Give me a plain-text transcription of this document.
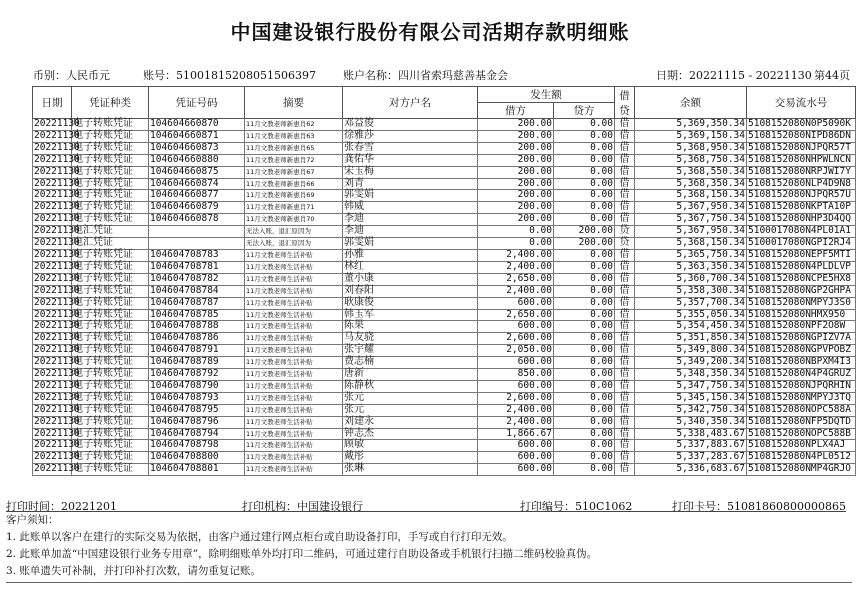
中国建设银行股份有限公司活期存款明细账
币别：人民币元	账号：51001815208051506397 账户名称：四川省索玛慈善基金会	日期：20221115 - 20221130 第44页
日期	凭证种类	凭证号码	摘要	对方户名	发生额		借贷	余额	交易流水号
					借方	贷方			
20221130	电子转账凭证	104604660870	11月文教老师新惠肖62	邓益俊	200.00	0.00	借	5,369,350.34	5108152080N0P5090K
20221130	电子转账凭证	104604660871	11月文教老师新惠肖63	徐雅莎	200.00	0.00	借	5,369,150.34	5108152080NIPD86DN
20221130	电子转账凭证	104604660873	11月文教老师新惠肖65	张春雪	200.00	0.00	借	5,368,950.34	5108152080NJPQR57T
20221130	电子转账凭证	104604660880	11月文教老师新惠肖72	龚佑华	200.00	0.00	借	5,368,750.34	5108152080NHPWLNCN
20221130	电子转账凭证	104604660875	11月文教老师新惠肖67	宋玉梅	200.00	0.00	借	5,368,550.34	5108152080NRPJWI7Y
20221130	电子转账凭证	104604660874	11月文教老师新惠肖66	刘青	200.00	0.00	借	5,368,350.34	5108152080NLP4D9N8
20221130	电子转账凭证	104604660877	11月文教老师新惠肖69	郭雯娟	200.00	0.00	借	5,368,150.34	5108152080NJPQR57U
20221130	电子转账凭证	104604660879	11月文教老师新惠肖71	韩威	200.00	0.00	借	5,367,950.34	5108152080NKPTA10P
20221130	电子转账凭证	104604660878	11月文教老师新惠肖70	李迪	200.00	0.00	借	5,367,750.34	5108152080NHP3D4QQ
20221130	电汇凭证		无法入账，退汇原因为	李迪	0.00	200.00	贷	5,367,950.34	5100017080N4PL01A1
20221130	电汇凭证		无法入账，退汇原因为	郭雯娟	0.00	200.00	贷	5,368,150.34	5100017080NGPI2RJ4
20221130	电子转账凭证	104604708783	11月文教老师生活补贴	孙雅	2,400.00	0.00	借	5,365,750.34	5108152080NEPF5MTI
20221130	电子转账凭证	104604708781	11月文教老师生活补贴	林红	2,400.00	0.00	借	5,363,350.34	5108152080N4PLDLVP
20221130	电子转账凭证	104604708782	11月文教老师生活补贴	董小康	2,650.00	0.00	借	5,360,700.34	5108152080NCPE5HX8
20221130	电子转账凭证	104604708784	11月文教老师生活补贴	刘春阳	2,400.00	0.00	借	5,358,300.34	5108152080NGP2GHPA
20221130	电子转账凭证	104604708787	11月文教老师生活补贴	耿康俊	600.00	0.00	借	5,357,700.34	5108152080NMPYJ3S0
20221130	电子转账凭证	104604708785	11月文教老师生活补贴	韩玉军	2,650.00	0.00	借	5,355,050.34	5108152080NHMX950
20221130	电子转账凭证	104604708788	11月文教老师生活补贴	陈果	600.00	0.00	借	5,354,450.34	5108152080NPF2O8W
20221130	电子转账凭证	104604708786	11月文教老师生活补贴	马友骁	2,600.00	0.00	借	5,351,850.34	5108152080NGPIZV7A
20221130	电子转账凭证	104604708791	11月文教老师生活补贴	张宇耀	2,050.00	0.00	借	5,349,800.34	5108152080NGPVPOBZ
20221130	电子转账凭证	104604708789	11月文教老师生活补贴	费志楠	600.00	0.00	借	5,349,200.34	5108152080NBPXM4I3
20221130	电子转账凭证	104604708792	11月文教老师生活补贴	唐新	850.00	0.00	借	5,348,350.34	5108152080N4P4GRUZ
20221130	电子转账凭证	104604708790	11月文教老师生活补贴	陈静秋	600.00	0.00	借	5,347,750.34	5108152080NJPQRHIN
20221130	电子转账凭证	104604708793	11月文教老师生活补贴	张元	2,600.00	0.00	借	5,345,150.34	5108152080NMPYJ3TQ
20221130	电子转账凭证	104604708795	11月文教老师生活补贴	张元	2,400.00	0.00	借	5,342,750.34	5108152080NOPC588A
20221130	电子转账凭证	104604708796	11月文教老师生活补贴	刘建永	2,400.00	0.00	借	5,340,350.34	5108152080NFP5DQTD
20221130	电子转账凭证	104604708794	11月文教老师生活补贴	钟志杰	1,866.67	0.00	借	5,338,483.67	5108152080NOPC588B
20221130	电子转账凭证	104604708798	11月文教老师生活补贴	顾敏	600.00	0.00	借	5,337,883.67	5108152080NPLX4AJ
20221130	电子转账凭证	104604708800	11月文教老师生活补贴	戴彤	600.00	0.00	借	5,337,283.67	5108152080N4PL0512
20221130	电子转账凭证	104604708801	11月文教老师生活补贴	张琳	600.00	0.00	借	5,336,683.67	5108152080NMP4GRJO
打印时间：20221201	打印机构：中国建设银行	打印编号：510C1062	打印卡号：51081860800000865
客户须知：
1. 此账单以客户在建行的实际交易为依据，由客户通过建行网点柜台或自助设备打印，手写或自行打印无效。
2. 此账单加盖“中国建设银行业务专用章”，除明细账单外均打印二维码，可通过建行自助设备或手机银行扫描二维码校验真伪。
3. 账单遗失可补制，并打印补打次数，请勿重复记账。
